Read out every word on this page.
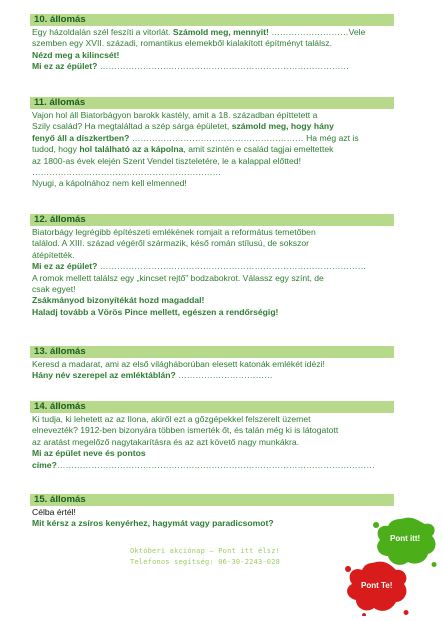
10. állomás
Egy házoldalán szél feszíti a vitorlát. Számold meg, mennyit! ………………………Vele
szemben egy XVII. századi, romantikus elemekből kialakított építményt találsz.
Nézd meg a kilincsét!
Mi ez az épület? ……………………………………………………………………………
11. állomás
Vajon hol áll Biatorbágyon barokk kastély, amit a 18. században építtetett a
Szily család? Ha megtaláltad a szép sárga épületet, számold meg, hogy hány
fenyő áll a díszkertben? …………………………………………………… Ha még azt is
tudod, hogy hol található az a kápolna, amit szintén e család tagjai emeltettek
az 1800-as évek elején Szent Vendel tiszteletére, le a kalappal előtted!
…………………………………………………………
Nyugi, a kápolnához nem kell elmenned!
12. állomás
Biatorbágy legrégibb építészeti emlékének romjait a református temetőben
találod. A XIII. század végéről származik, késő román stílusú, de sokszor
átépítették.
Mi ez az épület? …………………………………………………………………………………
A romok mellett találsz egy „kincset rejtő” bodzabokrot. Válassz egy színt, de
csak egyet!
Zsákmányod bizonyítékát hozd magaddal!
Haladj tovább a Vörös Pince mellett, egészen a rendőrségig!
13. állomás
Keresd a madarat, ami az első világháborúban elesett katonák emlékét idézi!
Hány név szerepel az emléktáblán? ……………………………
14. állomás
Ki tudja, ki lehetett az az Ilona, akiről ezt a gőzgépekkel felszerelt üzemet
elnevezték? 1912-ben bizonyára többen ismerték őt, és talán még ki is látogatott
az aratást megelőző nagytakarításra és az azt követő nagy munkákra.
Mi az épület neve és pontos
címe?…………………………………………………………………………………………………
15. állomás
Célba értél!
Mit kérsz a zsíros kenyérhez, hagymát vagy paradicsomot?
Októberi akciónap – Pont itt élsz!
Telefonos segítség: 06-30-2243-028
Pont itt!
Pont Te!
